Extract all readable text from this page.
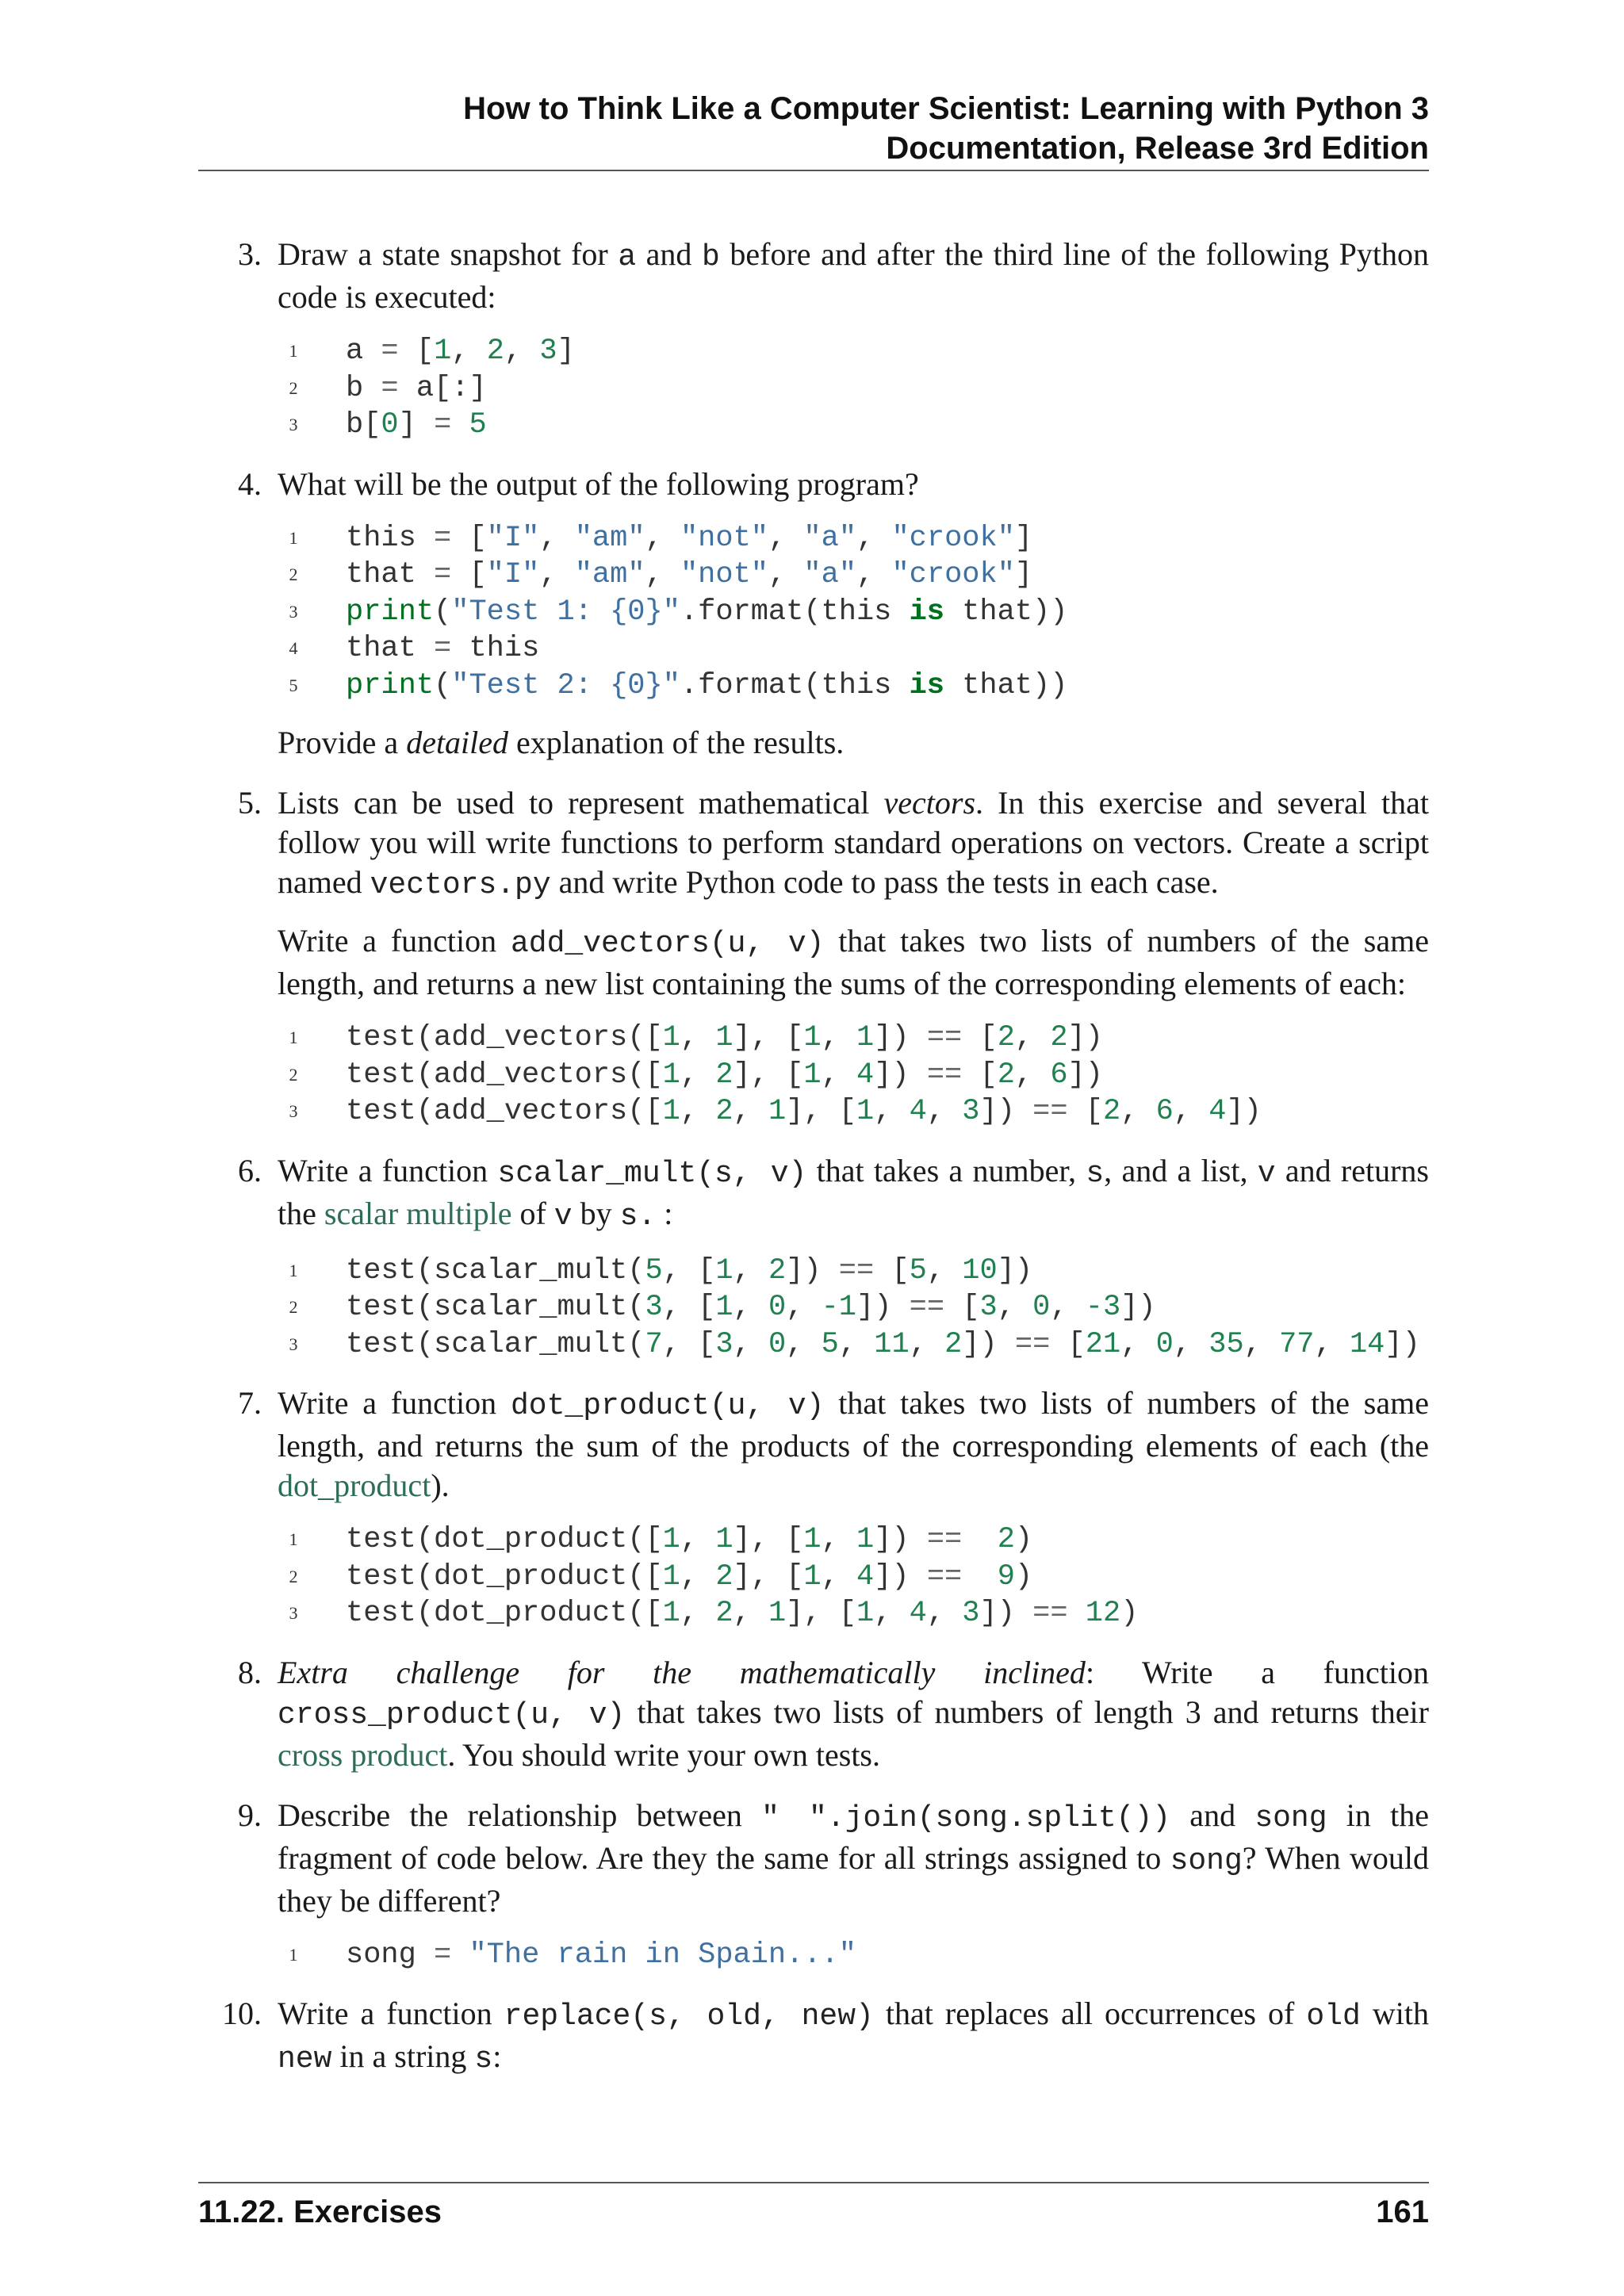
How to Think Like a Computer Scientist: Learning with Python 3
Documentation, Release 3rd Edition
3. Draw a state snapshot for a and b before and after the third line of the following Python code is executed:

1	a = [1, 2, 3]
2	b = a[:]
3	b[0] = 5
4. What will be the output of the following program?

1	this = ["I", "am", "not", "a", "crook"]
2	that = ["I", "am", "not", "a", "crook"]
3	print("Test 1: {0}".format(this is that))
4	that = this
5	print("Test 2: {0}".format(this is that))

Provide a detailed explanation of the results.

5. Lists can be used to represent mathematical vectors. In this exercise and several that follow you will write functions to perform standard operations on vectors. Create a script named vectors.py and write Python code to pass the tests in each case.

Write a function add_vectors(u, v) that takes two lists of numbers of the same length, and returns a new list containing the sums of the corresponding elements of each:

1	test(add_vectors([1, 1], [1, 1]) == [2, 2])
2	test(add_vectors([1, 2], [1, 4]) == [2, 6])
3	test(add_vectors([1, 2, 1], [1, 4, 3]) == [2, 6, 4])
6. Write a function scalar_mult(s, v) that takes a number, s, and a list, v and returns the scalar multiple of v by s. :

1	test(scalar_mult(5, [1, 2]) == [5, 10])
2	test(scalar_mult(3, [1, 0, -1]) == [3, 0, -3])
3	test(scalar_mult(7, [3, 0, 5, 11, 2]) == [21, 0, 35, 77, 14])
7. Write a function dot_product(u, v) that takes two lists of numbers of the same length, and returns the sum of the products of the corresponding elements of each (the dot_product).

1	test(dot_product([1, 1], [1, 1]) == 2)
2	test(dot_product([1, 2], [1, 4]) == 9)
3	test(dot_product([1, 2, 1], [1, 4, 3]) == 12)
8. Extra challenge for the mathematically inclined: Write a function

cross_product(u, v) that takes two lists of numbers of length 3 and returns their cross product. You should write your own tests.

9. Describe the relationship between " ".join(song.split()) and song in the fragment of code below. Are they the same for all strings assigned to song? When would they be different?

1	song = "The rain in Spain..."
10. Write a function replace(s, old, new) that replaces all occurrences of old with new in a string s:

11.22. Exercises	161
